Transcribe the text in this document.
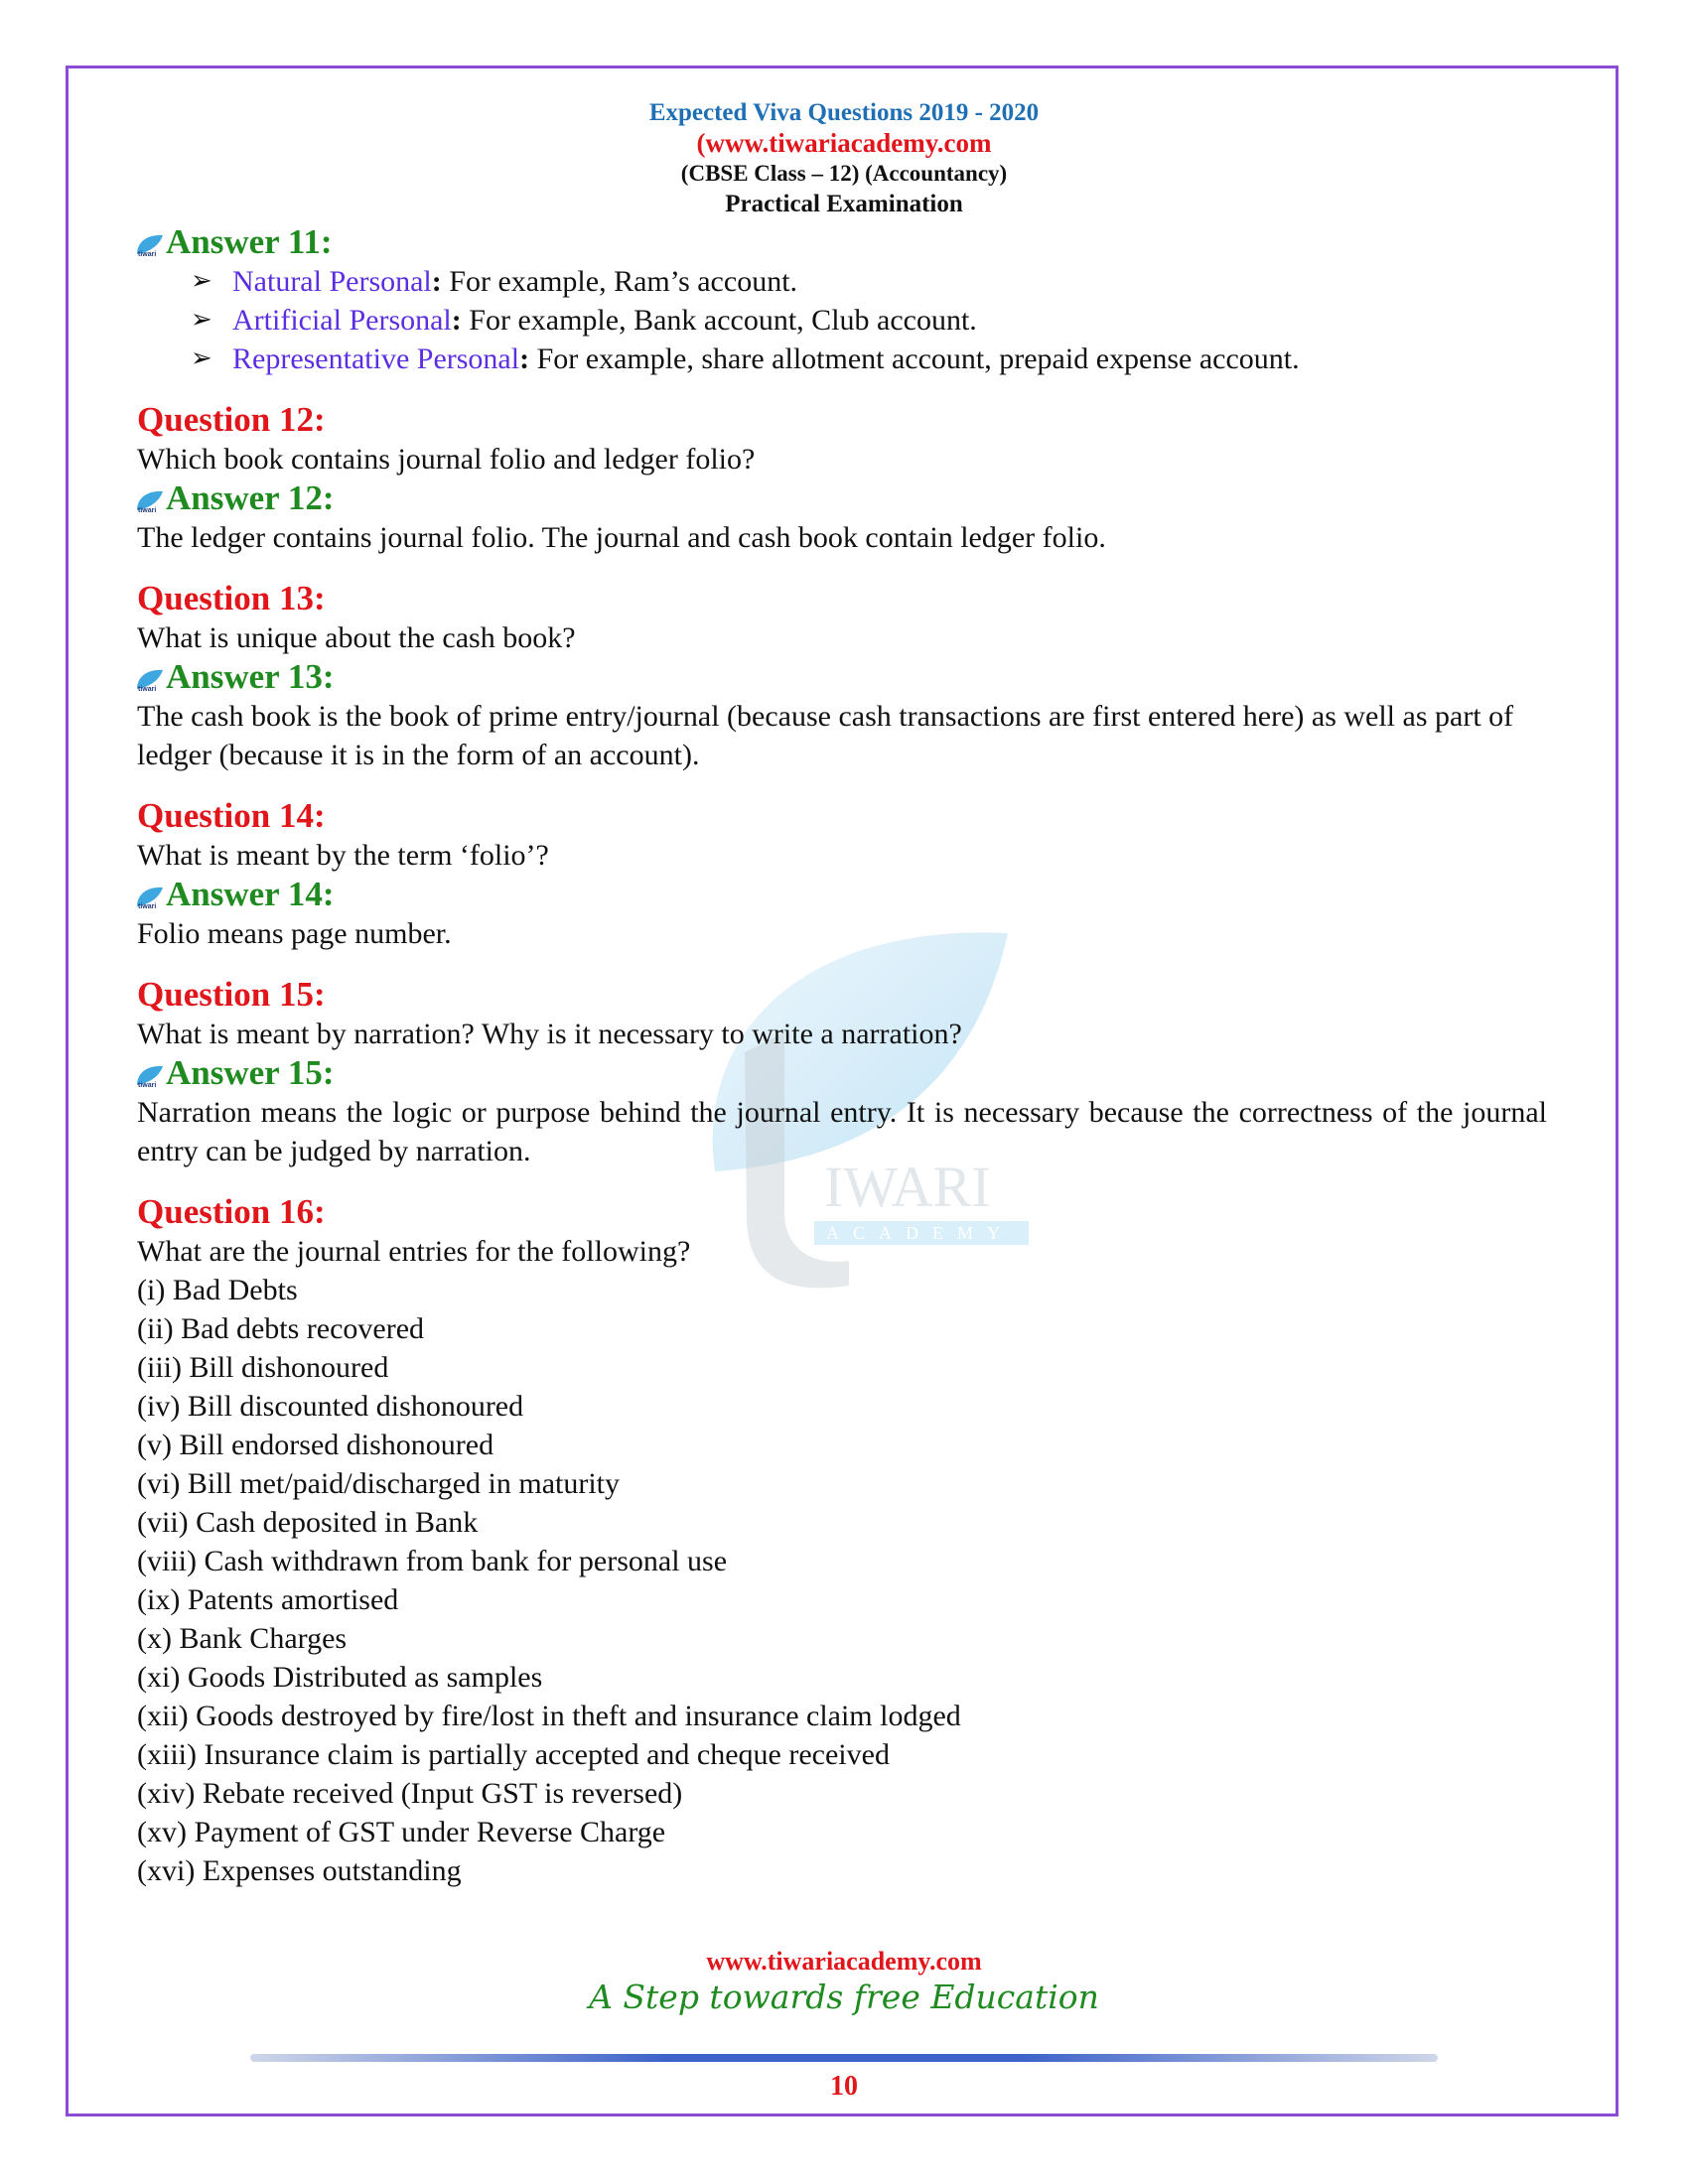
IWARI
ACADEMY
Expected Viva Questions 2019 - 2020
(www.tiwariacademy.com
(CBSE Class – 12) (Accountancy)
Practical Examination
tiwari Answer 11:
➢ Natural Personal: For example, Ram’s account.
➢ Artificial Personal: For example, Bank account, Club account.
➢ Representative Personal: For example, share allotment account, prepaid expense account.
Question 12:
Which book contains journal folio and ledger folio?
tiwari Answer 12:
The ledger contains journal folio. The journal and cash book contain ledger folio.
Question 13:
What is unique about the cash book?
tiwari Answer 13:
The cash book is the book of prime entry/journal (because cash transactions are first entered here) as well as part of ledger (because it is in the form of an account).
Question 14:
What is meant by the term ‘folio’?
tiwari Answer 14:
Folio means page number.
Question 15:
What is meant by narration? Why is it necessary to write a narration?
tiwari Answer 15:
Narration means the logic or purpose behind the journal entry. It is necessary because the correctness of the journal entry can be judged by narration.
Question 16:
What are the journal entries for the following?
(i) Bad Debts
(ii) Bad debts recovered
(iii) Bill dishonoured
(iv) Bill discounted dishonoured
(v) Bill endorsed dishonoured
(vi) Bill met/paid/discharged in maturity
(vii) Cash deposited in Bank
(viii) Cash withdrawn from bank for personal use
(ix) Patents amortised
(x) Bank Charges
(xi) Goods Distributed as samples
(xii) Goods destroyed by fire/lost in theft and insurance claim lodged
(xiii) Insurance claim is partially accepted and cheque received
(xiv) Rebate received (Input GST is reversed)
(xv) Payment of GST under Reverse Charge
(xvi) Expenses outstanding
www.tiwariacademy.com
A Step towards free Education
10
